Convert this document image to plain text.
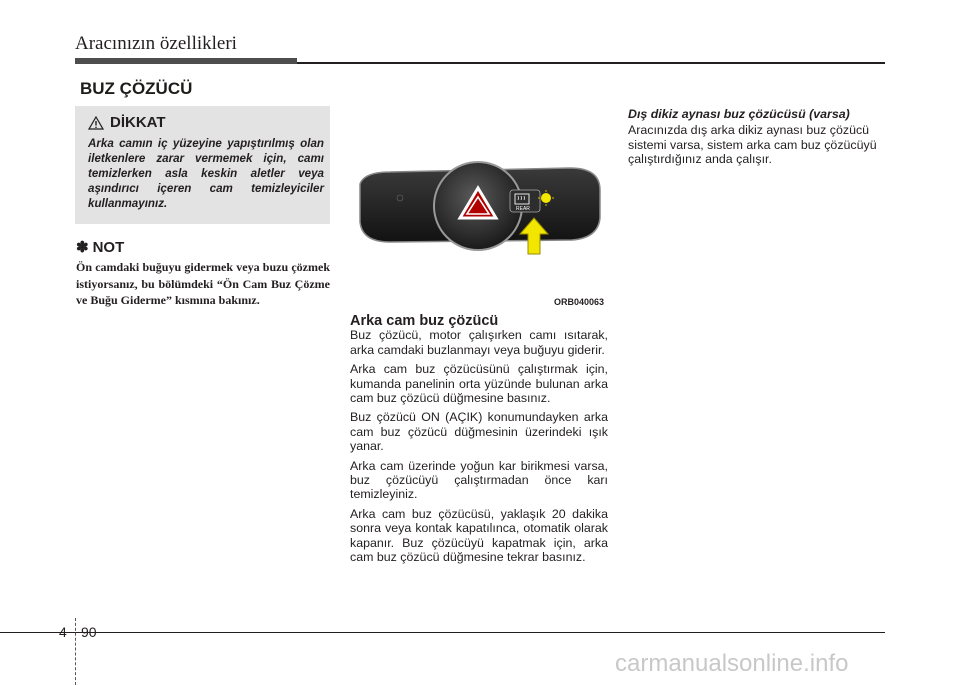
Aracınızın özellikleri
BUZ ÇÖZÜCÜ
DİKKAT
Arka camın iç yüzeyine yapıştırılmış olan iletkenlere zarar vermemek için, camı temizlerken asla keskin aletler veya aşındırıcı içeren cam temizleyiciler kullanmayınız.
✽ NOT
Ön camdaki buğuyu gidermek veya buzu çözmek istiyorsanız, bu bölümdeki “Ön Cam Buz Çözme ve Buğu Giderme” kısmına bakınız.
REAR
ORB040063
Arka cam buz çözücü

Buz çözücü, motor çalışırken camı ısıtarak, arka camdaki buzlanmayı veya buğuyu giderir.

Arka cam buz çözücüsünü çalıştırmak için, kumanda panelinin orta yüzünde bulunan arka cam buz çözücü düğmesine basınız.

Buz çözücü ON (AÇIK) konumundayken arka cam buz çözücü düğmesinin üzerindeki ışık yanar.

Arka cam üzerinde yoğun kar birikmesi varsa, buz çözücüyü çalıştırmadan önce karı temizleyiniz.

Arka cam buz çözücüsü, yaklaşık 20 dakika sonra veya kontak kapatılınca, otomatik olarak kapanır. Buz çözücüyü kapatmak için, arka cam buz çözücü düğmesine tekrar basınız.

Dış dikiz aynası buz çözücüsü (varsa)
Aracınızda dış arka dikiz aynası buz çözücü sistemi varsa, sistem arka cam buz çözücüyü çalıştırdığınız anda çalışır.
4 90
carmanualsonline.info
